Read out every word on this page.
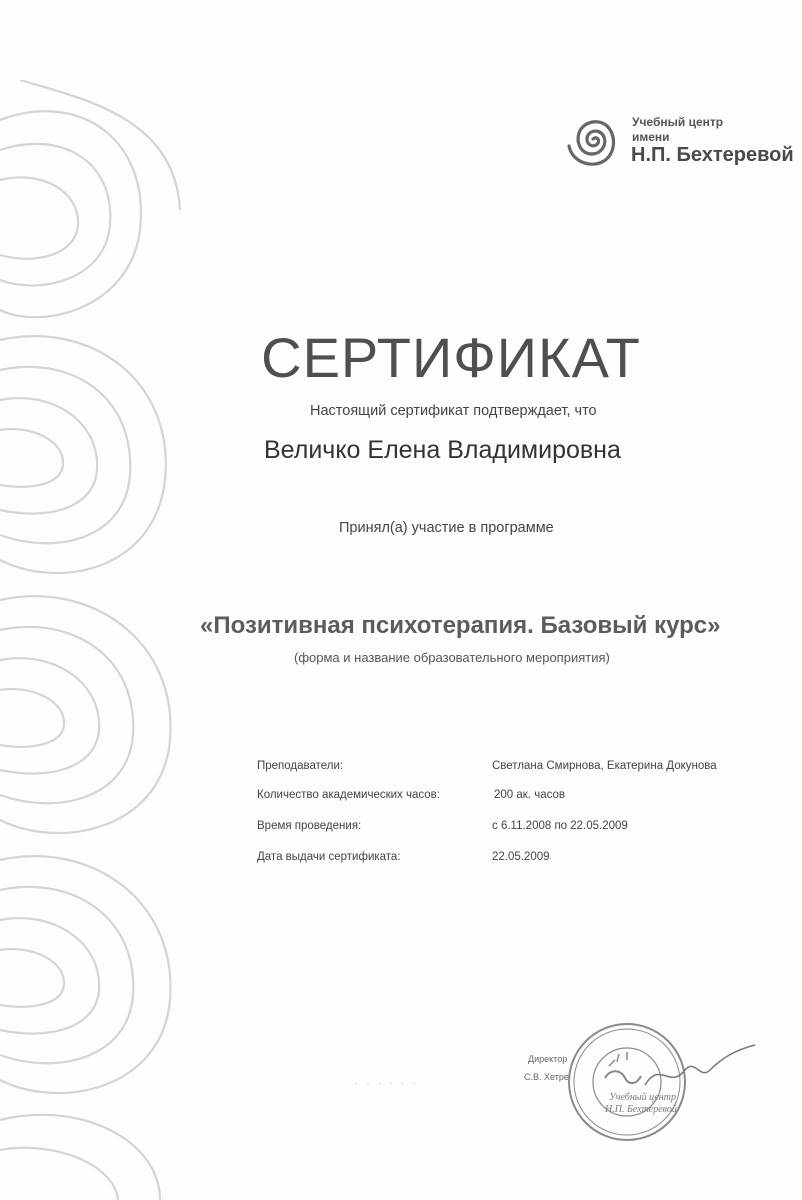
Учебный центр
имени
Н.П. Бехтеревой
СЕРТИФИКАТ
Настоящий сертификат подтверждает, что
Величко Елена Владимировна
Принял(а) участие в программе
«Позитивная психотерапия. Базовый курс»
(форма и название образовательного мероприятия)
Преподаватели:	Светлана Смирнова, Екатерина Докунова
Количество академических часов:	200 ак. часов
Время проведения:	с 6.11.2008 по 22.05.2009
Дата выдачи сертификата:	22.05.2009
· · · · · ·
Директор
С.В. Хетре
Учебный центр
Н.П. Бехтеревой
